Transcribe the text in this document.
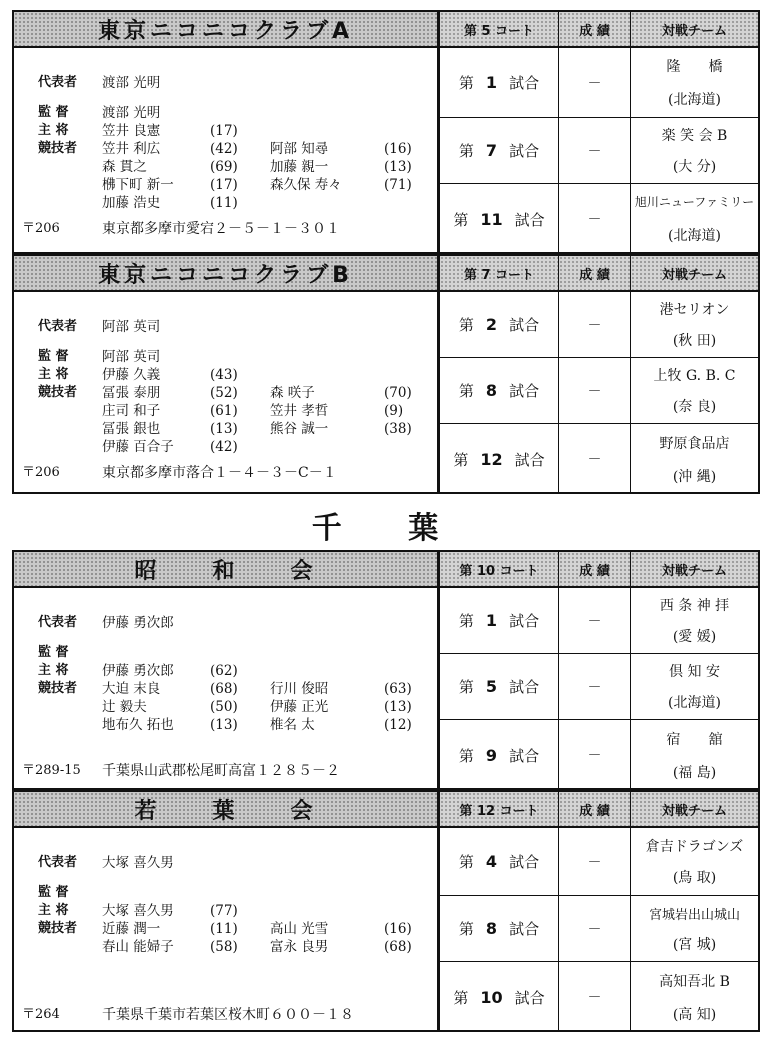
東京ニコニコクラブA	第 5 コート	成 績	対戦チーム
代表者	渡部 光明
監 督	渡部 光明
主 将	笠井 良憲	(17)
競技者	笠井 利広	(42) 阿部 知尋	(16)
森 貫之	(69) 加藤 親一	(13)
梻下町 新一	(17) 森久保 寿々	(71)
加藤 浩史	(11)
〒206	東京都多摩市愛宕２－５－１－３０１
第 1 試合	－
隆　　橋
(北海道)
第 7 試合	－
楽 笑 会 B
(大 分)
第 11 試合	－
旭川ニューファミリー
(北海道)
東京ニコニコクラブB	第 7 コート	成 績	対戦チーム
代表者	阿部 英司
監 督	阿部 英司
主 将	伊藤 久義	(43)
競技者	冨張 泰朋	(52) 森 咲子	(70)
庄司 和子	(61) 笠井 孝哲	(9)
冨張 銀也	(13) 熊谷 誠一	(38)
伊藤 百合子	(42)
〒206	東京都多摩市落合１－４－３－C－１
第 2 試合	－
港セリオン
(秋 田)
第 8 試合	－
上牧 G. B. C
(奈 良)
第 12 試合	－
野原食品店
(沖 縄)
千 葉
昭　　和　　会	第 10 コート	成 績	対戦チーム
代表者	伊藤 勇次郎
監 督
主 将	伊藤 勇次郎	(62)
競技者	大迫 末良	(68) 行川 俊昭	(63)
辻 毅夫	(50) 伊藤 正光	(13)
地布久 拓也	(13) 椎名 太	(12)
〒289-15 千葉県山武郡松尾町高富１２８５－２
第 1 試合	－
西 条 神 拝
(愛 媛)
第 5 試合	－
倶 知 安
(北海道)
第 9 試合	－
宿　　舘
(福 島)
若　　葉　　会	第 12 コート	成 績	対戦チーム
代表者	大塚 喜久男
監 督
主 将	大塚 喜久男	(77)
競技者	近藤 潤一	(11) 高山 光雪	(16)
春山 能婦子	(58) 富永 良男	(68)
〒264	千葉県千葉市若葉区桜木町６００－１８
第 4 試合	－
倉吉ドラゴンズ
(鳥 取)
第 8 試合	－
宮城岩出山城山
(宮 城)
第 10 試合	－
高知吾北 B
(高 知)
